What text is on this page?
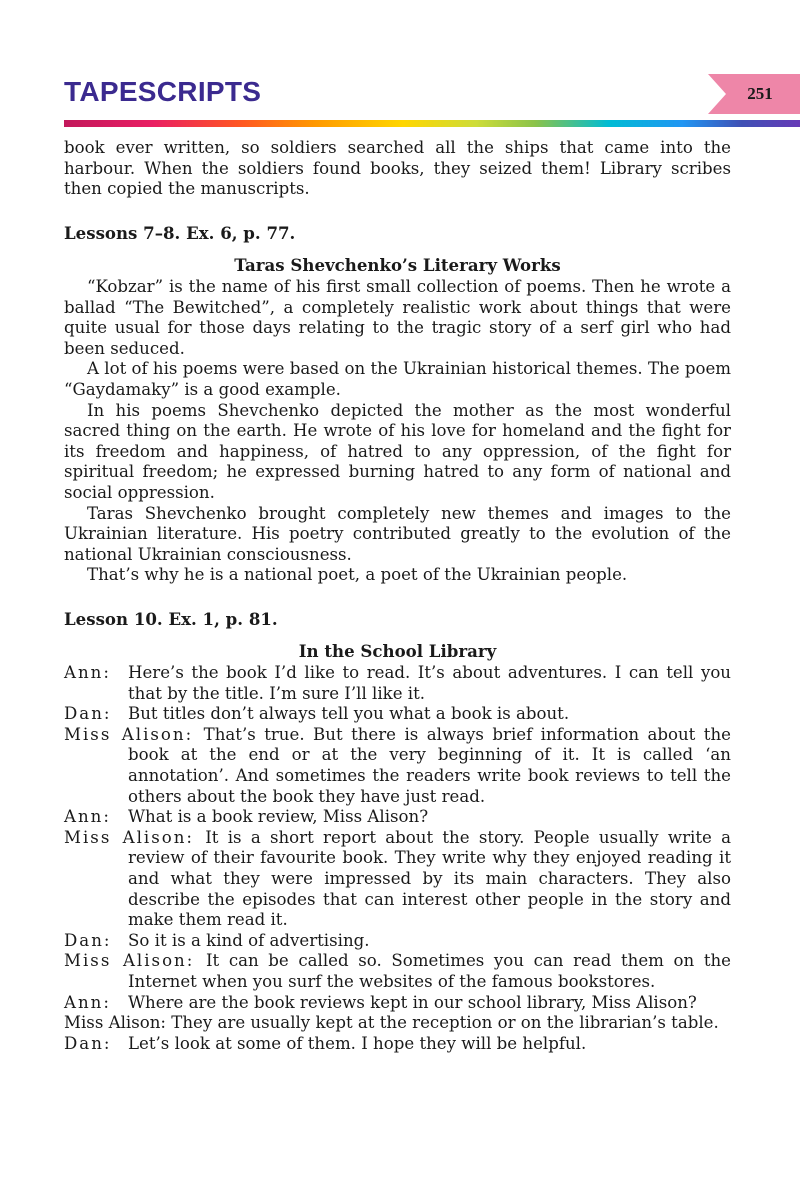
TAPESCRIPTS	251

book ever written, so soldiers searched all the ships that came into the harbour. When the soldiers found books, they seized them! Library scribes then copied the manuscripts.

Lessons 7–8. Ex. 6, p. 77.
Taras Shevchenko’s Literary Works

“Kobzar” is the name of his first small collection of poems. Then he wrote a ballad “The Bewitched”, a completely realistic work about things that were quite usual for those days relating to the tragic story of a serf girl who had been seduced.

A lot of his poems were based on the Ukrainian historical themes. The poem “Gaydamaky” is a good example.

In his poems Shevchenko depicted the mother as the most wonderful sacred thing on the earth. He wrote of his love for homeland and the fight for its freedom and happiness, of hatred to any oppression, of the fight for spiritual freedom; he expressed burning hatred to any form of national and social oppression.

Taras Shevchenko brought completely new themes and images to the Ukrainian literature. His poetry contributed greatly to the evolution of the national Ukrainian consciousness.

That’s why he is a national poet, a poet of the Ukrainian people.

Lesson 10. Ex. 1, p. 81.
In the School Library
Ann:	Here’s the book I’d like to read. It’s about adventures. I can tell you that by the title. I’m sure I’ll like it.
Dan: But titles don’t always tell you what a book is about.
Miss Alison: That’s true. But there is always brief information about the book at the end or at the very beginning of it. It is called ‘an annotation’. And sometimes the readers write book reviews to tell the others about the book they have just read.
Ann:	What is a book review, Miss Alison?
Miss Alison: It is a short report about the story. People usually write a review of their favourite book. They write why they enjoyed reading it and what they were impressed by its main characters. They also describe the episodes that can interest other people in the story and make them read it.
Dan: So it is a kind of advertising.
Miss Alison: It can be called so. Sometimes you can read them on the Internet when you surf the websites of the famous bookstores.
Ann:	Where are the book reviews kept in our school library, Miss Alison?
Miss Alison: They are usually kept at the reception or on the librarian’s table.
Dan: Let’s look at some of them. I hope they will be helpful.
